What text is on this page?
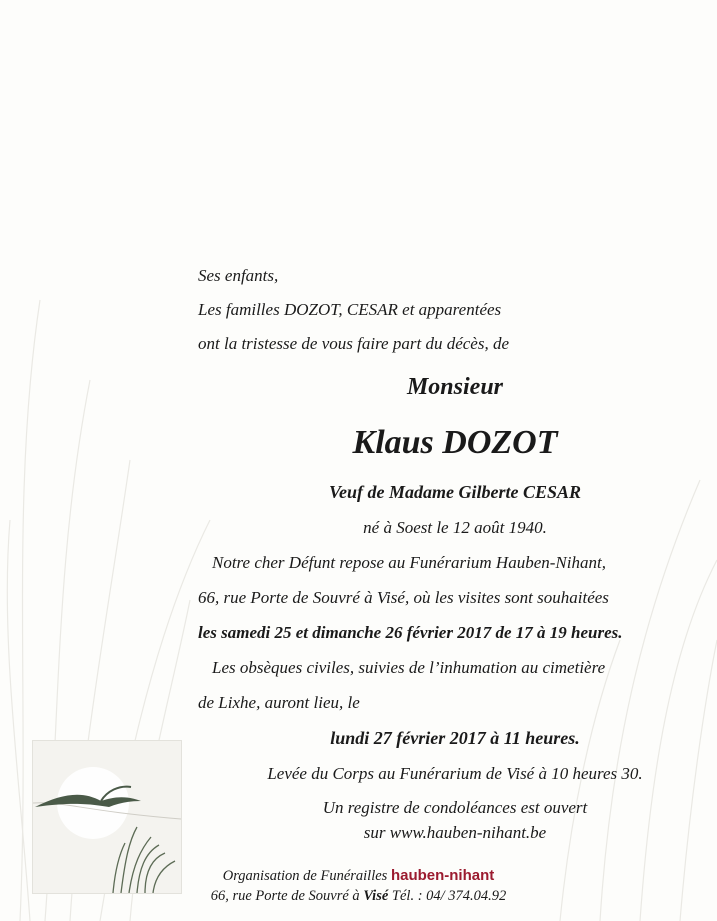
Ses enfants,
Les familles DOZOT, CESAR et apparentées
ont la tristesse de vous faire part du décès, de
Monsieur
Klaus DOZOT
Veuf de Madame Gilberte CESAR
né à Soest le 12 août 1940.
Notre cher Défunt repose au Funérarium Hauben-Nihant,
66, rue Porte de Souvré à Visé, où les visites sont souhaitées
les samedi 25 et dimanche 26 février 2017 de 17 à 19 heures.
Les obsèques civiles, suivies de l’inhumation au cimetière
de Lixhe, auront lieu, le
lundi 27 février 2017 à 11 heures.
Levée du Corps au Funérarium de Visé à 10 heures 30.
Un registre de condoléances est ouvert
sur www.hauben-nihant.be
Organisation de Funérailles hauben-nihant
66, rue Porte de Souvré à Visé Tél. : 04/ 374.04.92
